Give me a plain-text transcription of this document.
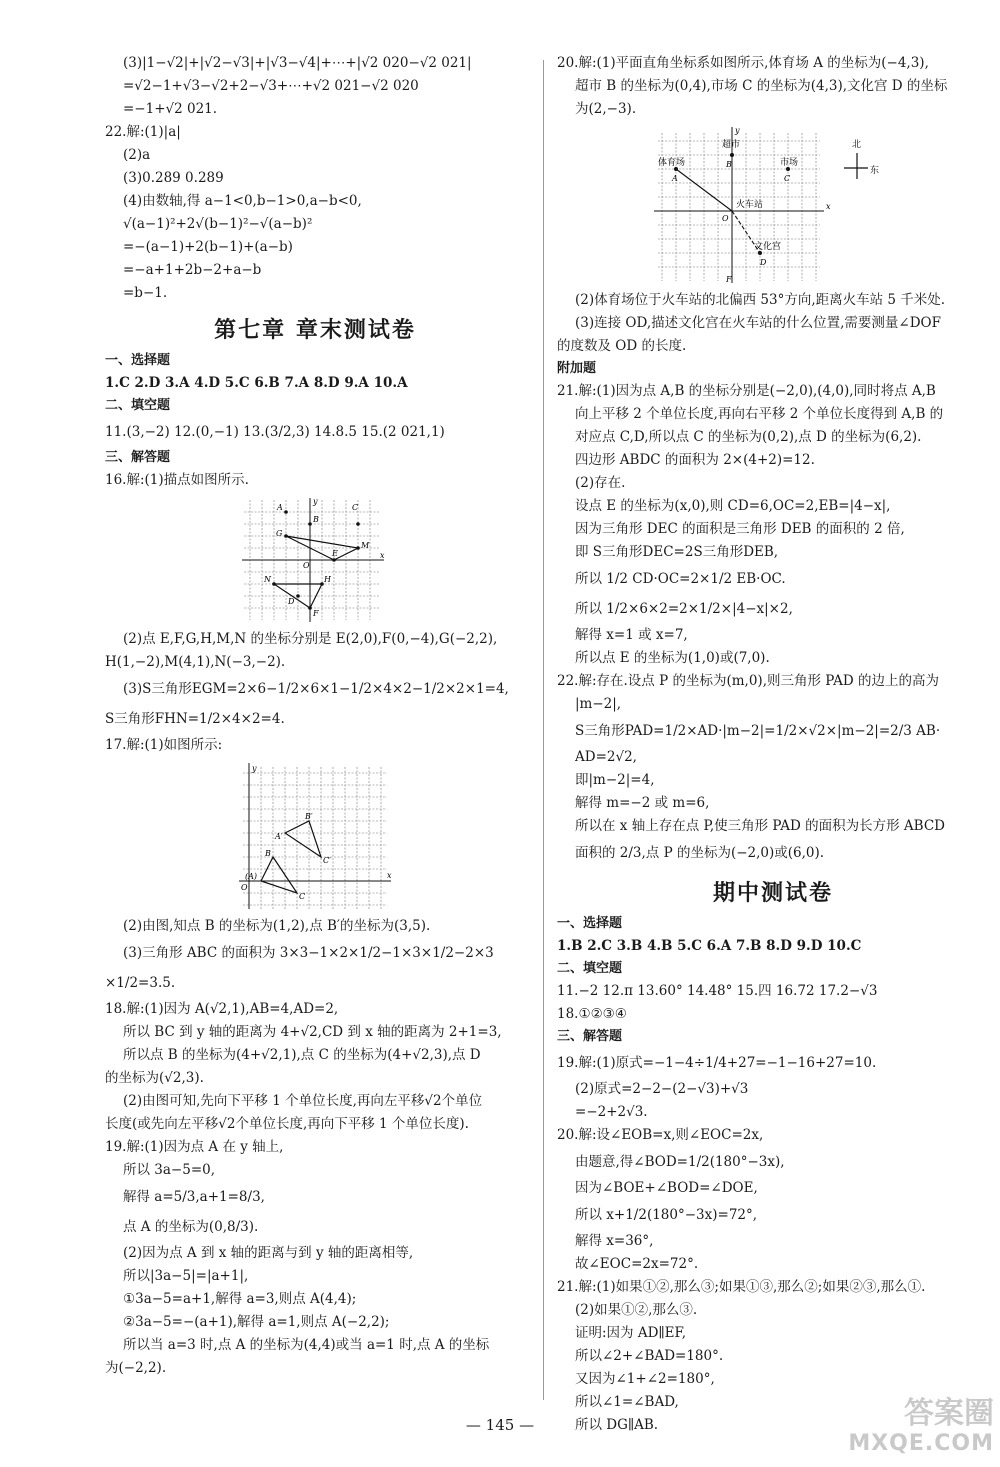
(3)|1−√2|+|√2−√3|+|√3−√4|+⋯+|√2 020−√2 021|
=√2−1+√3−√2+2−√3+⋯+√2 021−√2 020
=−1+√2 021.
22.解:(1)|a|
(2)a
(3)0.289 0.289
(4)由数轴,得 a−1<0,b−1>0,a−b<0,
√(a−1)²+2√(b−1)²−√(a−b)²
=−(a−1)+2(b−1)+(a−b)
=−a+1+2b−2+a−b
=b−1.
第七章 章末测试卷
一、选择题
1.C 2.D 3.A 4.D 5.C 6.B 7.A 8.D 9.A 10.A
二、填空题
11.(3,−2) 12.(0,−1) 13.(3/2,3) 14.8.5 15.(2 021,1)
三、解答题
16.解:(1)描点如图所示.
x
y
O
A
B
C
D
E
F
G
H
M
N
(2)点 E,F,G,H,M,N 的坐标分别是 E(2,0),F(0,−4),G(−2,2),
H(1,−2),M(4,1),N(−3,−2).
(3)S三角形EGM=2×6−1/2×6×1−1/2×4×2−1/2×2×1=4,
S三角形FHN=1/2×4×2=4.
17.解:(1)如图所示:
x
y
O
(A)
B
C
A′
B′
C′
(2)由图,知点 B 的坐标为(1,2),点 B′的坐标为(3,5).
(3)三角形 ABC 的面积为 3×3−1×2×1/2−1×3×1/2−2×3
×1/2=3.5.
18.解:(1)因为 A(√2,1),AB=4,AD=2,
所以 BC 到 y 轴的距离为 4+√2,CD 到 x 轴的距离为 2+1=3,
所以点 B 的坐标为(4+√2,1),点 C 的坐标为(4+√2,3),点 D
的坐标为(√2,3).
(2)由图可知,先向下平移 1 个单位长度,再向左平移√2个单位
长度(或先向左平移√2个单位长度,再向下平移 1 个单位长度).
19.解:(1)因为点 A 在 y 轴上,
所以 3a−5=0,
解得 a=5/3,a+1=8/3,
点 A 的坐标为(0,8/3).
(2)因为点 A 到 x 轴的距离与到 y 轴的距离相等,
所以|3a−5|=|a+1|,
①3a−5=a+1,解得 a=3,则点 A(4,4);
②3a−5=−(a+1),解得 a=1,则点 A(−2,2);
所以当 a=3 时,点 A 的坐标为(4,4)或当 a=1 时,点 A 的坐标
为(−2,2).
20.解:(1)平面直角坐标系如图所示,体育场 A 的坐标为(−4,3),
超市 B 的坐标为(0,4),市场 C 的坐标为(4,3),文化宫 D 的坐标
为(2,−3).
体育场
超市
市场
文化宫
火车站
北
东
x
y
O
F
A
B
C
D
(2)体育场位于火车站的北偏西 53°方向,距离火车站 5 千米处.
(3)连接 OD,描述文化宫在火车站的什么位置,需要测量∠DOF
的度数及 OD 的长度.
附加题
21.解:(1)因为点 A,B 的坐标分别是(−2,0),(4,0),同时将点 A,B
向上平移 2 个单位长度,再向右平移 2 个单位长度得到 A,B 的
对应点 C,D,所以点 C 的坐标为(0,2),点 D 的坐标为(6,2).
四边形 ABDC 的面积为 2×(4+2)=12.
(2)存在.
设点 E 的坐标为(x,0),则 CD=6,OC=2,EB=|4−x|,
因为三角形 DEC 的面积是三角形 DEB 的面积的 2 倍,
即 S三角形DEC=2S三角形DEB,
所以 1/2 CD·OC=2×1/2 EB·OC.
所以 1/2×6×2=2×1/2×|4−x|×2,
解得 x=1 或 x=7,
所以点 E 的坐标为(1,0)或(7,0).
22.解:存在.设点 P 的坐标为(m,0),则三角形 PAD 的边上的高为
|m−2|,
S三角形PAD=1/2×AD·|m−2|=1/2×√2×|m−2|=2/3 AB·
AD=2√2,
即|m−2|=4,
解得 m=−2 或 m=6,
所以在 x 轴上存在点 P,使三角形 PAD 的面积为长方形 ABCD
面积的 2/3,点 P 的坐标为(−2,0)或(6,0).
期中测试卷
一、选择题
1.B 2.C 3.B 4.B 5.C 6.A 7.B 8.D 9.D 10.C
二、填空题
11.−2 12.π 13.60° 14.48° 15.四 16.72 17.2−√3
18.①②③④
三、解答题
19.解:(1)原式=−1−4÷1/4+27=−1−16+27=10.
(2)原式=2−2−(2−√3)+√3
=−2+2√3.
20.解:设∠EOB=x,则∠EOC=2x,
由题意,得∠BOD=1/2(180°−3x),
因为∠BOE+∠BOD=∠DOE,
所以 x+1/2(180°−3x)=72°,
解得 x=36°,
故∠EOC=2x=72°.
21.解:(1)如果①②,那么③;如果①③,那么②;如果②③,那么①.
(2)如果①②,那么③.
证明:因为 AD∥EF,
所以∠2+∠BAD=180°.
又因为∠1+∠2=180°,
所以∠1=∠BAD,
所以 DG∥AB.
— 145 —	答案圈
MXQE.COM
